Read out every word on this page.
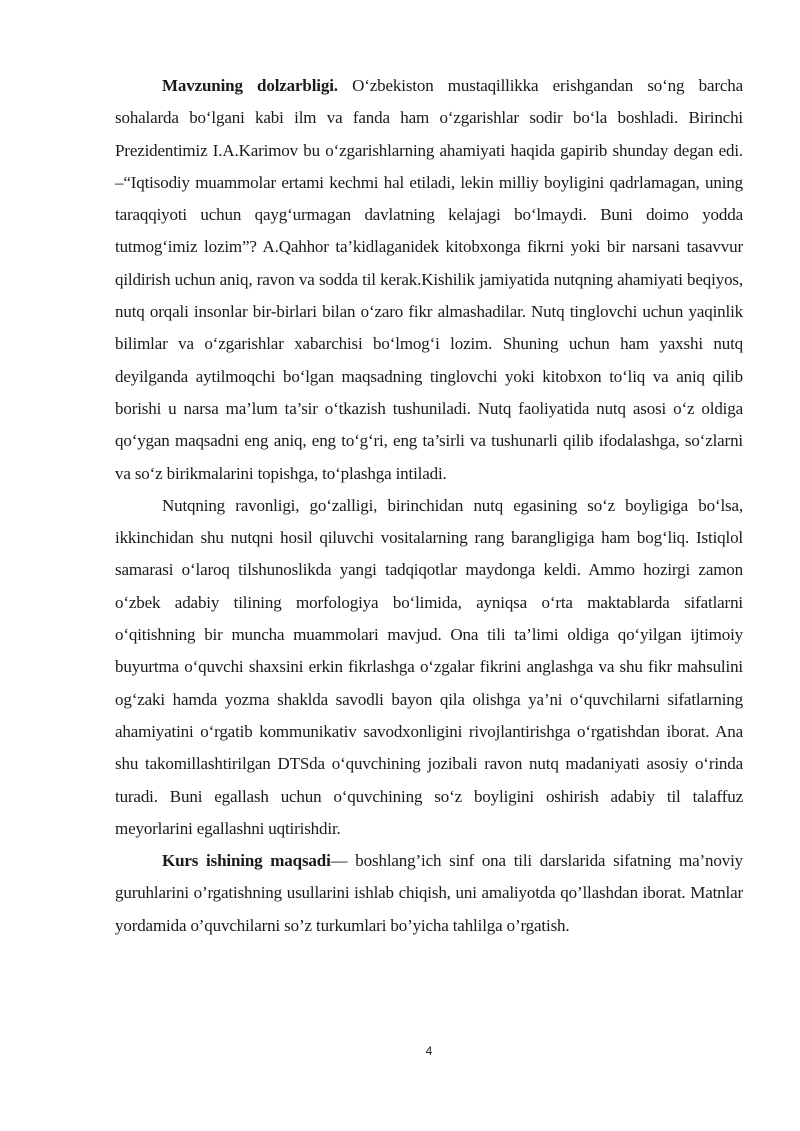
Mavzuning dolzarbligi. O‘zbekiston mustaqillikka erishgandan so‘ng barcha sohalarda bo‘lgani kabi ilm va fanda ham o‘zgarishlar sodir bo‘la boshladi. Birinchi Prezidentimiz I.A.Karimov bu o‘zgarishlarning ahamiyati haqida gapirib shunday degan edi. –“Iqtisodiy muammolar ertami kechmi hal etiladi, lekin milliy boyligini qadrlamagan, uning taraqqiyoti uchun qayg‘urmagan davlatning kelajagi bo‘lmaydi. Buni doimo yodda tutmog‘imiz lozim”? A.Qahhor ta’kidlaganidek kitobxonga fikrni yoki bir narsani tasavvur qildirish uchun aniq, ravon va sodda til kerak.Kishilik jamiyatida nutqning ahamiyati beqiyos, nutq orqali insonlar bir-birlari bilan o‘zaro fikr almashadilar. Nutq tinglovchi uchun yaqinlik bilimlar va o‘zgarishlar xabarchisi bo‘lmog‘i lozim. Shuning uchun ham yaxshi nutq deyilganda aytilmoqchi bo‘lgan maqsadning tinglovchi yoki kitobxon to‘liq va aniq qilib borishi u narsa ma’lum ta’sir o‘tkazish tushuniladi. Nutq faoliyatida nutq asosi o‘z oldiga qo‘ygan maqsadni eng aniq, eng to‘g‘ri, eng ta’sirli va tushunarli qilib ifodalashga, so‘zlarni va so‘z birikmalarini topishga, to‘plashga intiladi.

Nutqning ravonligi, go‘zalligi, birinchidan nutq egasining so‘z boyligiga bo‘lsa, ikkinchidan shu nutqni hosil qiluvchi vositalarning rang barangligiga ham bog‘liq. Istiqlol samarasi o‘laroq tilshunoslikda yangi tadqiqotlar maydonga keldi. Ammo hozirgi zamon o‘zbek adabiy tilining morfologiya bo‘limida, ayniqsa o‘rta maktablarda sifatlarni o‘qitishning bir muncha muammolari mavjud. Ona tili ta’limi oldiga qo‘yilgan ijtimoiy buyurtma o‘quvchi shaxsini erkin fikrlashga o‘zgalar fikrini anglashga va shu fikr mahsulini og‘zaki hamda yozma shaklda savodli bayon qila olishga ya’ni o‘quvchilarni sifatlarning ahamiyatini o‘rgatib kommunikativ savodxonligini rivojlantirishga o‘rgatishdan iborat. Ana shu takomillashtirilgan DTSda o‘quvchining jozibali ravon nutq madaniyati asosiy o‘rinda turadi. Buni egallash uchun o‘quvchining so‘z boyligini oshirish adabiy til talaffuz meyorlarini egallashni uqtirishdir.

Kurs ishining maqsadi— boshlang’ich sinf ona tili darslarida sifatning ma’noviy guruhlarini o’rgatishning usullarini ishlab chiqish, uni amaliyotda qo’llashdan iborat. Matnlar yordamida o’quvchilarni so’z turkumlari bo’yicha tahlilga o’rgatish.

4
